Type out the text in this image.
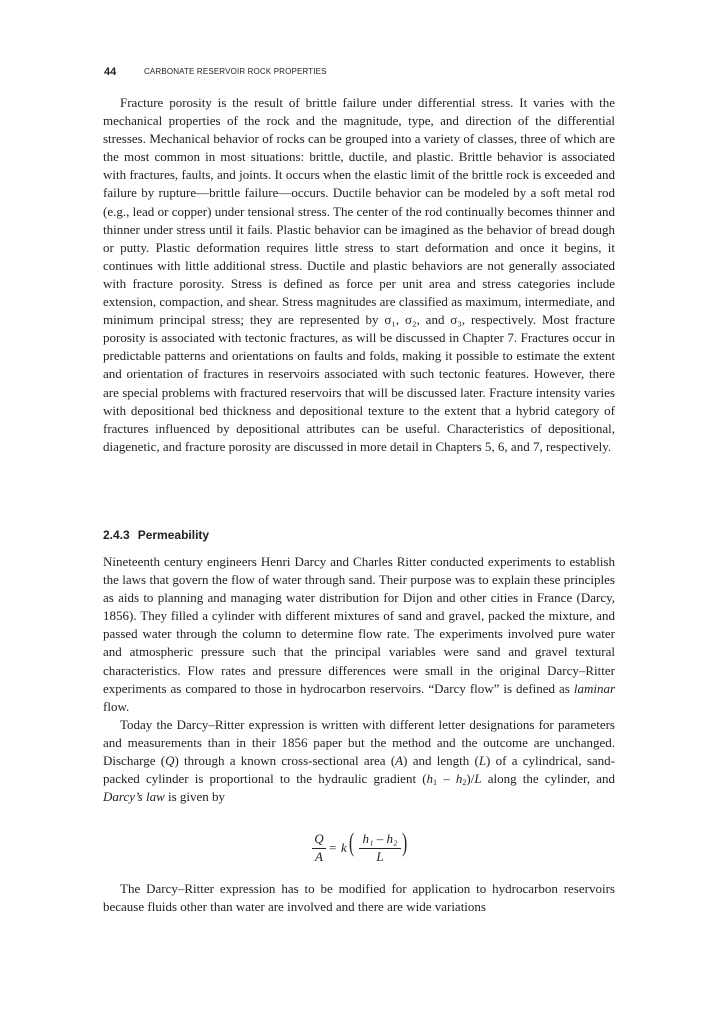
44	CARBONATE RESERVOIR ROCK PROPERTIES

Fracture porosity is the result of brittle failure under differential stress. It varies with the mechanical properties of the rock and the magnitude, type, and direction of the differential stresses. Mechanical behavior of rocks can be grouped into a variety of classes, three of which are the most common in most situations: brittle, ductile, and plastic. Brittle behavior is associated with fractures, faults, and joints. It occurs when the elastic limit of the brittle rock is exceeded and failure by rupture—brittle failure—occurs. Ductile behavior can be modeled by a soft metal rod (e.g., lead or copper) under tensional stress. The center of the rod continually becomes thinner and thinner under stress until it fails. Plastic behavior can be imagined as the behavior of bread dough or putty. Plastic deformation requires little stress to start deformation and once it begins, it continues with little additional stress. Ductile and plastic behaviors are not generally associated with fracture porosity. Stress is defined as force per unit area and stress categories include extension, compaction, and shear. Stress magnitudes are classified as maximum, intermediate, and minimum principal stress; they are represented by σ₁, σ₂, and σ₃, respectively. Most fracture porosity is associated with tectonic fractures, as will be discussed in Chapter 7. Fractures occur in predictable patterns and orientations on faults and folds, making it possible to estimate the extent and orientation of fractures in reservoirs associated with such tectonic features. However, there are special problems with fractured reservoirs that will be discussed later. Fracture intensity varies with depositional bed thickness and depositional texture to the extent that a hybrid category of fractures influenced by depositional attributes can be useful. Characteristics of depositional, diagenetic, and fracture porosity are discussed in more detail in Chapters 5, 6, and 7, respectively.

2.4.3 Permeability

Nineteenth century engineers Henri Darcy and Charles Ritter conducted experiments to establish the laws that govern the flow of water through sand. Their purpose was to explain these principles as aids to planning and managing water distribution for Dijon and other cities in France (Darcy, 1856). They filled a cylinder with different mixtures of sand and gravel, packed the mixture, and passed water through the column to determine flow rate. The experiments involved pure water and atmospheric pressure such that the principal variables were sand and gravel textural characteristics. Flow rates and pressure differences were small in the original Darcy–Ritter experiments as compared to those in hydrocarbon reservoirs. “Darcy flow” is defined as laminar flow.

Today the Darcy–Ritter expression is written with different letter designations for parameters and measurements than in their 1856 paper but the method and the outcome are unchanged. Discharge (Q) through a known cross-sectional area (A) and length (L) of a cylindrical, sand-packed cylinder is proportional to the hydraulic gradient $(h_1 - h_2)/L$ along the cylinder, and Darcy’s law is given by

Q
A
= k ( h₁ – h₂
L )

The Darcy–Ritter expression has to be modified for application to hydrocarbon reservoirs because fluids other than water are involved and there are wide variations
